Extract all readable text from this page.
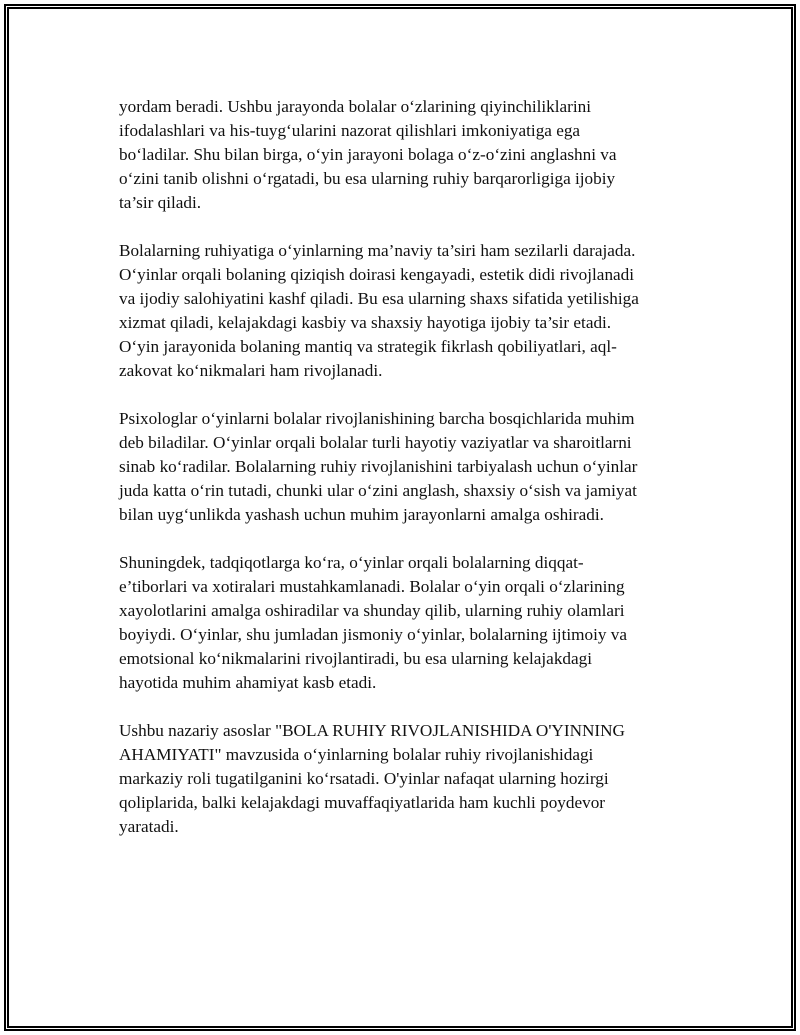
yordam beradi. Ushbu jarayonda bolalar o‘zlarining qiyinchiliklarini
ifodalashlari va his-tuyg‘ularini nazorat qilishlari imkoniyatiga ega
bo‘ladilar. Shu bilan birga, o‘yin jarayoni bolaga o‘z-o‘zini anglashni va
o‘zini tanib olishni o‘rgatadi, bu esa ularning ruhiy barqarorligiga ijobiy
ta’sir qiladi.

Bolalarning ruhiyatiga o‘yinlarning ma’naviy ta’siri ham sezilarli darajada.
O‘yinlar orqali bolaning qiziqish doirasi kengayadi, estetik didi rivojlanadi
va ijodiy salohiyatini kashf qiladi. Bu esa ularning shaxs sifatida yetilishiga
xizmat qiladi, kelajakdagi kasbiy va shaxsiy hayotiga ijobiy ta’sir etadi.
O‘yin jarayonida bolaning mantiq va strategik fikrlash qobiliyatlari, aql-
zakovat ko‘nikmalari ham rivojlanadi.

Psixologlar o‘yinlarni bolalar rivojlanishining barcha bosqichlarida muhim
deb biladilar. O‘yinlar orqali bolalar turli hayotiy vaziyatlar va sharoitlarni
sinab ko‘radilar. Bolalarning ruhiy rivojlanishini tarbiyalash uchun o‘yinlar
juda katta o‘rin tutadi, chunki ular o‘zini anglash, shaxsiy o‘sish va jamiyat
bilan uyg‘unlikda yashash uchun muhim jarayonlarni amalga oshiradi.

Shuningdek, tadqiqotlarga ko‘ra, o‘yinlar orqali bolalarning diqqat-
e’tiborlari va xotiralari mustahkamlanadi. Bolalar o‘yin orqali o‘zlarining
xayolotlarini amalga oshiradilar va shunday qilib, ularning ruhiy olamlari
boyiydi. O‘yinlar, shu jumladan jismoniy o‘yinlar, bolalarning ijtimoiy va
emotsional ko‘nikmalarini rivojlantiradi, bu esa ularning kelajakdagi
hayotida muhim ahamiyat kasb etadi.

Ushbu nazariy asoslar "BOLA RUHIY RIVOJLANISHIDA O'YINNING
AHAMIYATI" mavzusida o‘yinlarning bolalar ruhiy rivojlanishidagi
markaziy roli tugatilganini ko‘rsatadi. O'yinlar nafaqat ularning hozirgi
qoliplarida, balki kelajakdagi muvaffaqiyatlarida ham kuchli poydevor
yaratadi.
